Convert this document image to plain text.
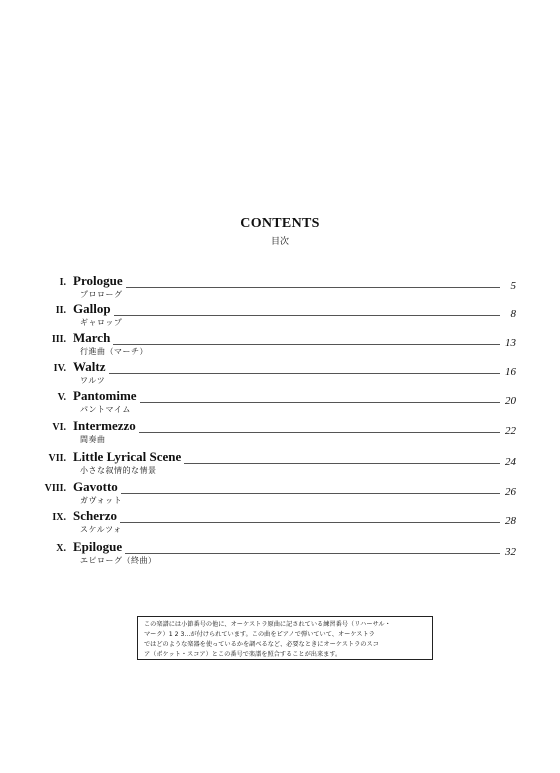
CONTENTS
目次
I. Prologue	5
プロローグ
II. Gallop	8
ギャロップ
III. March	13
行進曲（マーチ）
IV. Waltz	16
ワルツ
V. Pantomime	20
パントマイム
VI. Intermezzo	22
間奏曲
VII. Little Lyrical Scene	24
小さな叙情的な情景
VIII. Gavotto	26
ガヴォット
IX. Scherzo	28
スケルツォ
X. Epilogue	32
エピローグ（終曲）
この楽譜には小節番号の他に、オーケストラ原曲に記されている練習番号（リハーサル・
マーク）1 2 3...が付けられています。この曲をピアノで弾いていて、オーケストラ
ではどのような楽器を使っているかを調べるなど、必要なときにオーケストラのスコ
ア（ポケット・スコア）とこの番号で楽譜を照合することが出来ます。
